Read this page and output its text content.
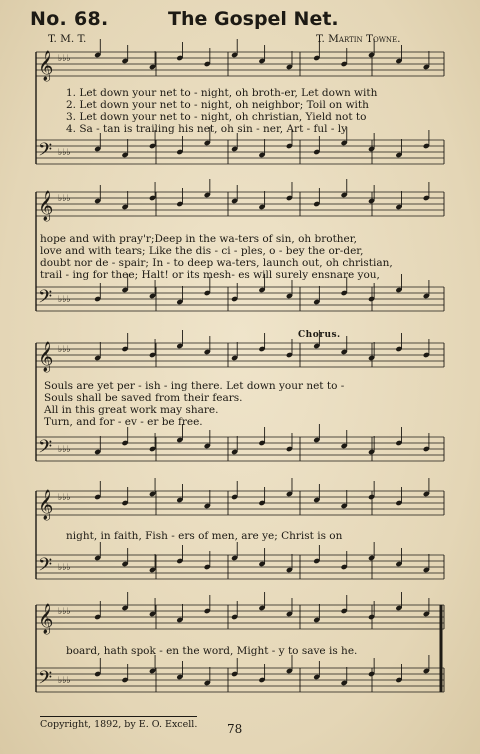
No. 68.	The Gospel Net.
T. M. T.	T. Martin Towne.
Chorus.
1. Let down your net to - night, oh broth-er, Let down with
2. Let down your net to - night, oh neighbor; Toil on with
3. Let down your net to - night, oh christian, Yield not to
4. Sa - tan is trailing his net, oh sin - ner, Art - ful - ly
hope and with pray'r;Deep in the wa-ters of sin, oh brother,
love and with tears; Like the dis - ci - ples, o - bey the or-der,
doubt nor de - spair; In - to deep wa-ters, launch out, oh christian,
trail - ing for thee; Halt! or its mesh- es will surely ensnare you,
Souls are yet per - ish - ing there. Let down your net to -
Souls shall be saved from their fears.
All in this great work may share.
Turn, and for - ev - er be free.
night, in faith, Fish - ers of men, are ye; Christ is on
board, hath spok - en the word, Might - y to save is he.
Copyright, 1892, by E. O. Excell. 78
𝄞
𝄢
♭♭♭
♭♭♭
𝄞
𝄢
♭♭♭
♭♭♭
𝄞
𝄢
♭♭♭
♭♭♭
𝄞
𝄢
♭♭♭
♭♭♭
𝄞
𝄢
♭♭♭
♭♭♭
